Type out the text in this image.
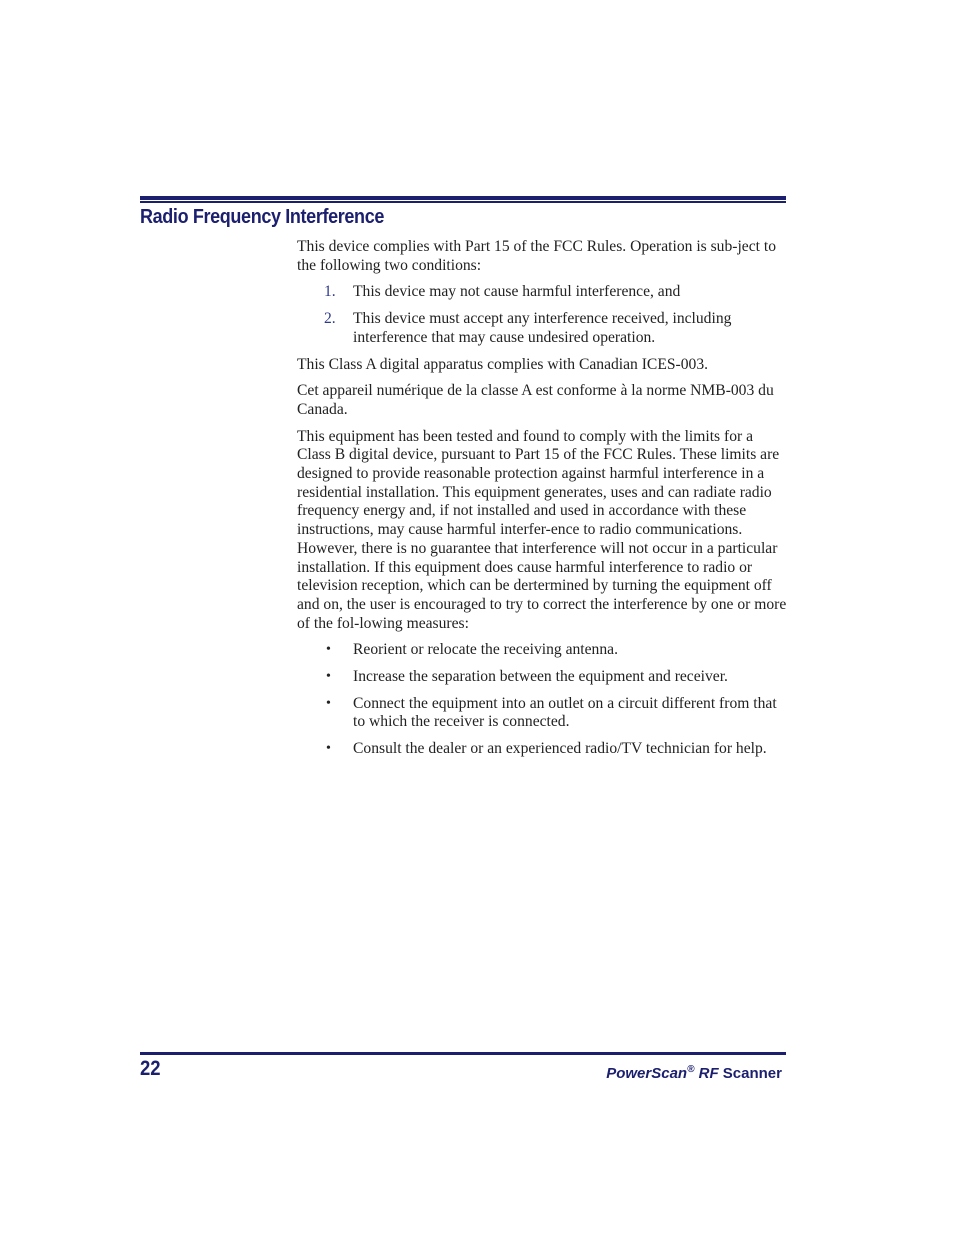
Radio Frequency Interference

This device complies with Part 15 of the FCC Rules. Operation is sub-ject to the following two conditions:

1. This device may not cause harmful interference, and
2. This device must accept any interference received, including interference that may cause undesired operation.

This Class A digital apparatus complies with Canadian ICES-003.

Cet appareil numérique de la classe A est conforme à la norme NMB-003 du Canada.

This equipment has been tested and found to comply with the limits for a Class B digital device, pursuant to Part 15 of the FCC Rules. These limits are designed to provide reasonable protection against harmful interference in a residential installation. This equipment generates, uses and can radiate radio frequency energy and, if not installed and used in accordance with these instructions, may cause harmful interfer-ence to radio communications. However, there is no guarantee that interference will not occur in a particular installation. If this equipment does cause harmful interference to radio or television reception, which can be dertermined by turning the equipment off and on, the user is encouraged to try to correct the interference by one or more of the fol-lowing measures:

• Reorient or relocate the receiving antenna.
• Increase the separation between the equipment and receiver.
• Connect the equipment into an outlet on a circuit different from that to which the receiver is connected.
• Consult the dealer or an experienced radio/TV technician for help.
22	PowerScan® RF Scanner
